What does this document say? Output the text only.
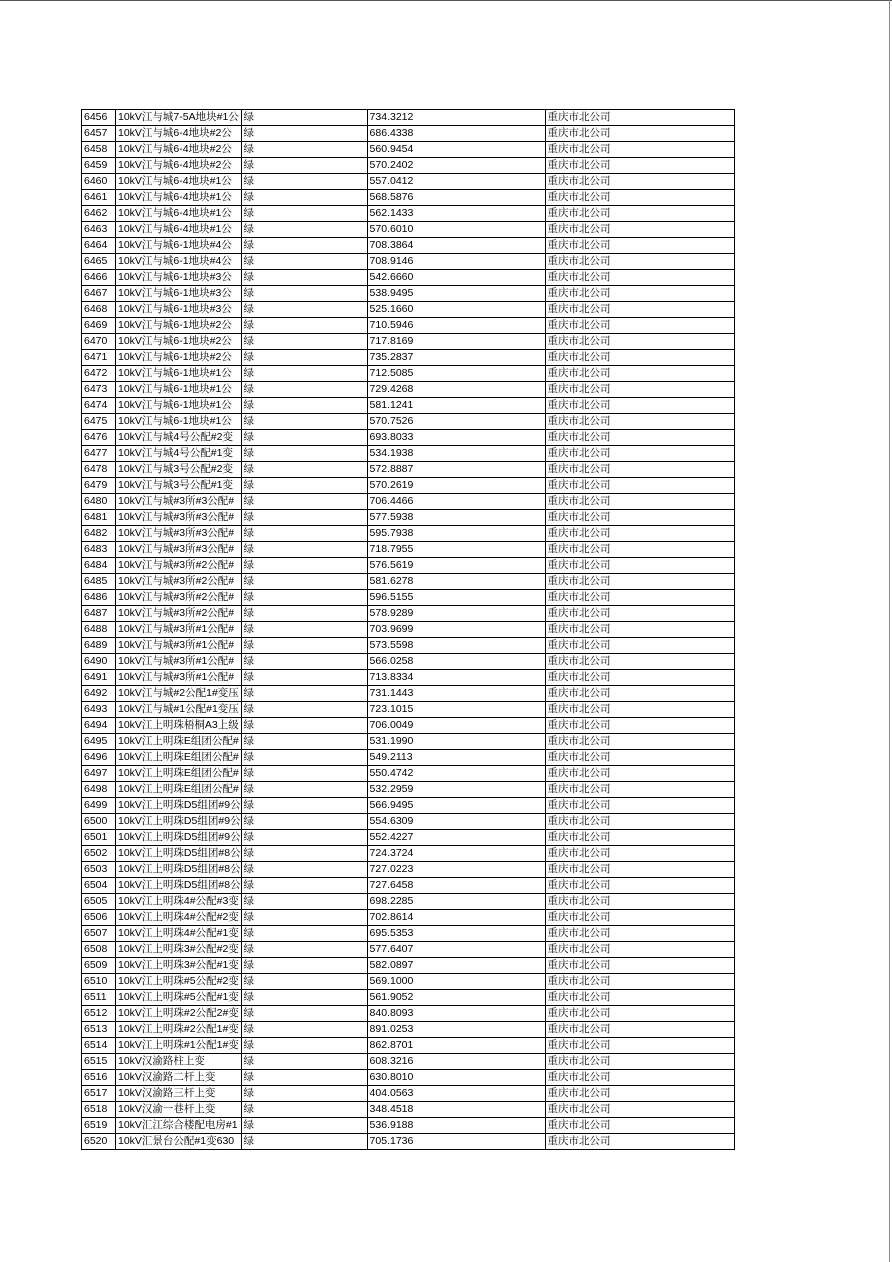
6456	10kV江与城7-5A地块#1公	绿	734.3212	重庆市北公司
6457	10kV江与城6-4地块#2公	绿	686.4338	重庆市北公司
6458	10kV江与城6-4地块#2公	绿	560.9454	重庆市北公司
6459	10kV江与城6-4地块#2公	绿	570.2402	重庆市北公司
6460	10kV江与城6-4地块#1公	绿	557.0412	重庆市北公司
6461	10kV江与城6-4地块#1公	绿	568.5876	重庆市北公司
6462	10kV江与城6-4地块#1公	绿	562.1433	重庆市北公司
6463	10kV江与城6-4地块#1公	绿	570.6010	重庆市北公司
6464	10kV江与城6-1地块#4公	绿	708.3864	重庆市北公司
6465	10kV江与城6-1地块#4公	绿	708.9146	重庆市北公司
6466	10kV江与城6-1地块#3公	绿	542.6660	重庆市北公司
6467	10kV江与城6-1地块#3公	绿	538.9495	重庆市北公司
6468	10kV江与城6-1地块#3公	绿	525.1660	重庆市北公司
6469	10kV江与城6-1地块#2公	绿	710.5946	重庆市北公司
6470	10kV江与城6-1地块#2公	绿	717.8169	重庆市北公司
6471	10kV江与城6-1地块#2公	绿	735.2837	重庆市北公司
6472	10kV江与城6-1地块#1公	绿	712.5085	重庆市北公司
6473	10kV江与城6-1地块#1公	绿	729.4268	重庆市北公司
6474	10kV江与城6-1地块#1公	绿	581.1241	重庆市北公司
6475	10kV江与城6-1地块#1公	绿	570.7526	重庆市北公司
6476	10kV江与城4号公配#2变	绿	693.8033	重庆市北公司
6477	10kV江与城4号公配#1变	绿	534.1938	重庆市北公司
6478	10kV江与城3号公配#2变	绿	572.8887	重庆市北公司
6479	10kV江与城3号公配#1变	绿	570.2619	重庆市北公司
6480	10kV江与城#3所#3公配#	绿	706.4466	重庆市北公司
6481	10kV江与城#3所#3公配#	绿	577.5938	重庆市北公司
6482	10kV江与城#3所#3公配#	绿	595.7938	重庆市北公司
6483	10kV江与城#3所#3公配#	绿	718.7955	重庆市北公司
6484	10kV江与城#3所#2公配#	绿	576.5619	重庆市北公司
6485	10kV江与城#3所#2公配#	绿	581.6278	重庆市北公司
6486	10kV江与城#3所#2公配#	绿	596.5155	重庆市北公司
6487	10kV江与城#3所#2公配#	绿	578.9289	重庆市北公司
6488	10kV江与城#3所#1公配#	绿	703.9699	重庆市北公司
6489	10kV江与城#3所#1公配#	绿	573.5598	重庆市北公司
6490	10kV江与城#3所#1公配#	绿	566.0258	重庆市北公司
6491	10kV江与城#3所#1公配#	绿	713.8334	重庆市北公司
6492	10kV江与城#2公配1#变压	绿	731.1443	重庆市北公司
6493	10kV江与城#1公配#1变压	绿	723.1015	重庆市北公司
6494	10kV江上明珠梧桐A3上级	绿	706.0049	重庆市北公司
6495	10kV江上明珠E组团公配#	绿	531.1990	重庆市北公司
6496	10kV江上明珠E组团公配#	绿	549.2113	重庆市北公司
6497	10kV江上明珠E组团公配#	绿	550.4742	重庆市北公司
6498	10kV江上明珠E组团公配#	绿	532.2959	重庆市北公司
6499	10kV江上明珠D5组团#9公	绿	566.9495	重庆市北公司
6500	10kV江上明珠D5组团#9公	绿	554.6309	重庆市北公司
6501	10kV江上明珠D5组团#9公	绿	552.4227	重庆市北公司
6502	10kV江上明珠D5组团#8公	绿	724.3724	重庆市北公司
6503	10kV江上明珠D5组团#8公	绿	727.0223	重庆市北公司
6504	10kV江上明珠D5组团#8公	绿	727.6458	重庆市北公司
6505	10kV江上明珠4#公配#3变	绿	698.2285	重庆市北公司
6506	10kV江上明珠4#公配#2变	绿	702.8614	重庆市北公司
6507	10kV江上明珠4#公配#1变	绿	695.5353	重庆市北公司
6508	10kV江上明珠3#公配#2变	绿	577.6407	重庆市北公司
6509	10kV江上明珠3#公配#1变	绿	582.0897	重庆市北公司
6510	10kV江上明珠#5公配#2变	绿	569.1000	重庆市北公司
6511	10kV江上明珠#5公配#1变	绿	561.9052	重庆市北公司
6512	10kV江上明珠#2公配2#变	绿	840.8093	重庆市北公司
6513	10kV江上明珠#2公配1#变	绿	891.0253	重庆市北公司
6514	10kV江上明珠#1公配1#变	绿	862.8701	重庆市北公司
6515	10kV汉渝路柱上变	绿	608.3216	重庆市北公司
6516	10kV汉渝路二杆上变	绿	630.8010	重庆市北公司
6517	10kV汉渝路三杆上变	绿	404.0563	重庆市北公司
6518	10kV汉渝一巷杆上变	绿	348.4518	重庆市北公司
6519	10kV汇江综合楼配电房#1	绿	536.9188	重庆市北公司
6520	10kV汇景台公配#1变630	绿	705.1736	重庆市北公司
